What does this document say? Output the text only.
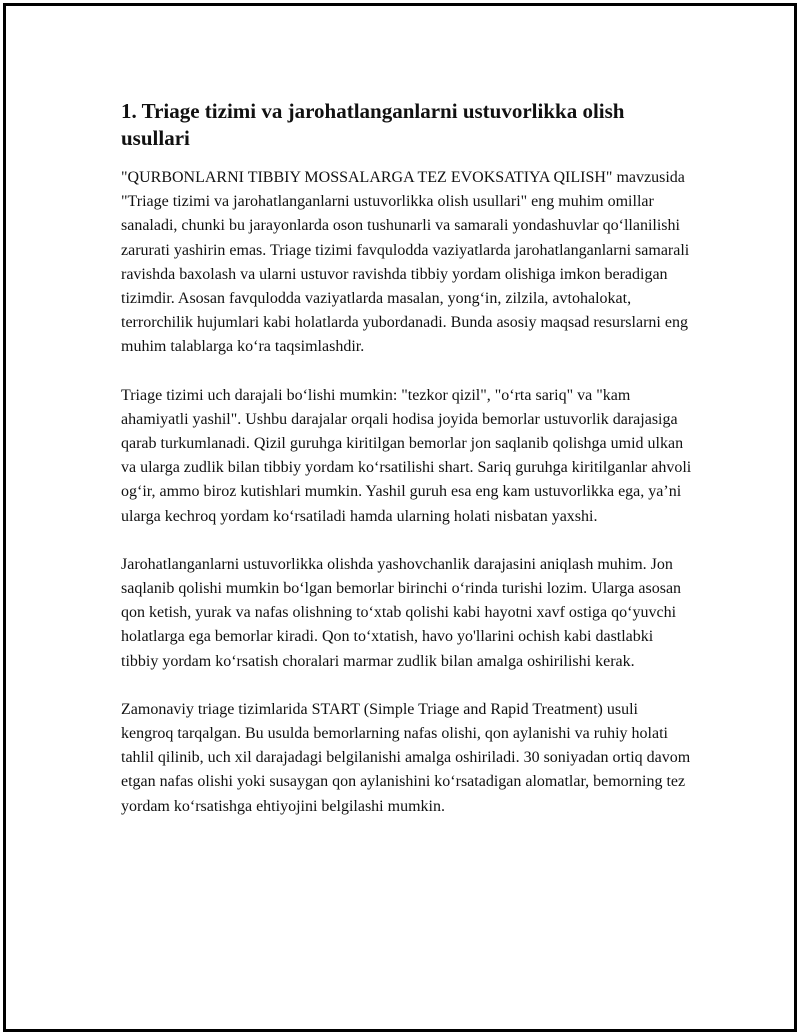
1. Triage tizimi va jarohatlanganlarni ustuvorlikka olish usullari

"QURBONLARNI TIBBIY MOSSALARGA TEZ EVOKSATIYA QILISH" mavzusida "Triage tizimi va jarohatlanganlarni ustuvorlikka olish usullari" eng muhim omillar sanaladi, chunki bu jarayonlarda oson tushunarli va samarali yondashuvlar qoʻllanilishi zarurati yashirin emas. Triage tizimi favqulodda vaziyatlarda jarohatlanganlarni samarali ravishda baxolash va ularni ustuvor ravishda tibbiy yordam olishiga imkon beradigan tizimdir. Asosan favqulodda vaziyatlarda masalan, yongʻin, zilzila, avtohalokat, terrorchilik hujumlari kabi holatlarda yubordanadi. Bunda asosiy maqsad resurslarni eng muhim talablarga koʻra taqsimlashdir.

Triage tizimi uch darajali boʻlishi mumkin: "tezkor qizil", "oʻrta sariq" va "kam ahamiyatli yashil". Ushbu darajalar orqali hodisa joyida bemorlar ustuvorlik darajasiga qarab turkumlanadi. Qizil guruhga kiritilgan bemorlar jon saqlanib qolishga umid ulkan va ularga zudlik bilan tibbiy yordam koʻrsatilishi shart. Sariq guruhga kiritilganlar ahvoli ogʻir, ammo biroz kutishlari mumkin. Yashil guruh esa eng kam ustuvorlikka ega, ya’ni ularga kechroq yordam koʻrsatiladi hamda ularning holati nisbatan yaxshi.

Jarohatlanganlarni ustuvorlikka olishda yashovchanlik darajasini aniqlash muhim. Jon saqlanib qolishi mumkin boʻlgan bemorlar birinchi oʻrinda turishi lozim. Ularga asosan qon ketish, yurak va nafas olishning toʻxtab qolishi kabi hayotni xavf ostiga qoʻyuvchi holatlarga ega bemorlar kiradi. Qon toʻxtatish, havo yo'llarini ochish kabi dastlabki tibbiy yordam koʻrsatish choralari marmar zudlik bilan amalga oshirilishi kerak.

Zamonaviy triage tizimlarida START (Simple Triage and Rapid Treatment) usuli kengroq tarqalgan. Bu usulda bemorlarning nafas olishi, qon aylanishi va ruhiy holati tahlil qilinib, uch xil darajadagi belgilanishi amalga oshiriladi. 30 soniyadan ortiq davom etgan nafas olishi yoki susaygan qon aylanishini koʻrsatadigan alomatlar, bemorning tez yordam koʻrsatishga ehtiyojini belgilashi mumkin.
